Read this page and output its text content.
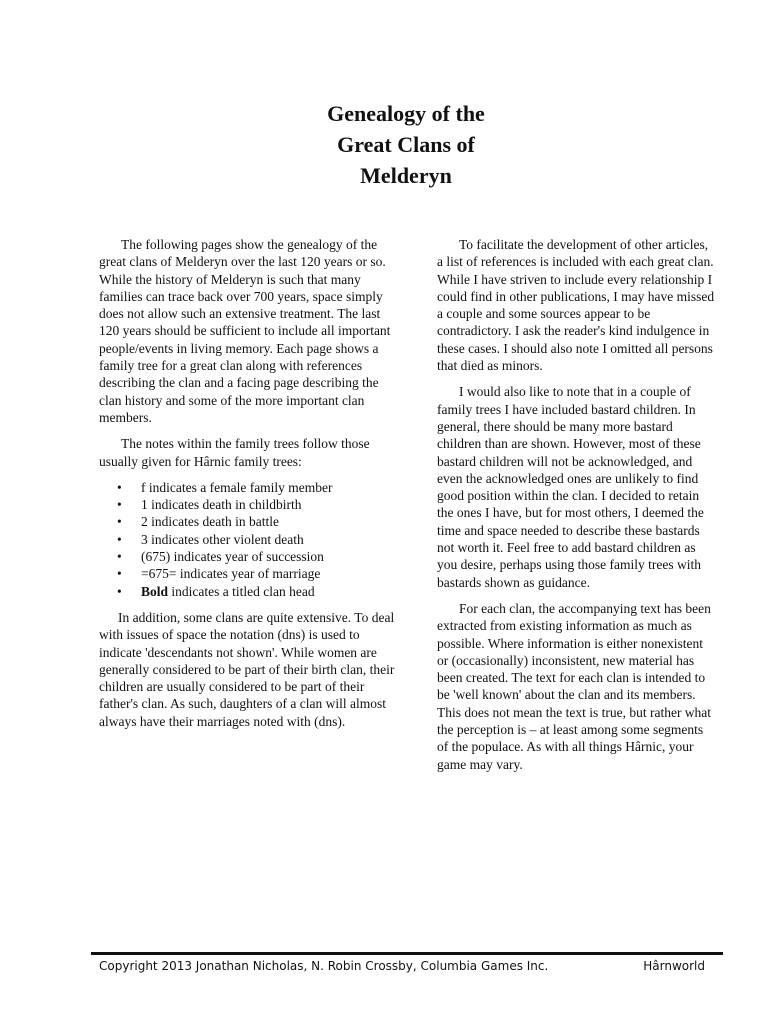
Genealogy of the
Great Clans of
Melderyn

The following pages show the genealogy of the great clans of Melderyn over the last 120 years or so. While the history of Melderyn is such that many families can trace back over 700 years, space simply does not allow such an extensive treatment. The last 120 years should be sufficient to include all important people/events in living memory. Each page shows a family tree for a great clan along with references describing the clan and a facing page describing the clan history and some of the more important clan members.

The notes within the family trees follow those usually given for Hârnic family trees:

• f indicates a female family member
• 1 indicates death in childbirth
• 2 indicates death in battle
• 3 indicates other violent death
• (675) indicates year of succession
• =675= indicates year of marriage
• Bold indicates a titled clan head

In addition, some clans are quite extensive. To deal with issues of space the notation (dns) is used to indicate 'descendants not shown'. While women are generally considered to be part of their birth clan, their children are usually considered to be part of their father's clan. As such, daughters of a clan will almost always have their marriages noted with (dns).

To facilitate the development of other articles, a list of references is included with each great clan. While I have striven to include every relationship I could find in other publications, I may have missed a couple and some sources appear to be contradictory. I ask the reader's kind indulgence in these cases. I should also note I omitted all persons that died as minors.

I would also like to note that in a couple of family trees I have included bastard children. In general, there should be many more bastard children than are shown. However, most of these bastard children will not be acknowledged, and even the acknowledged ones are unlikely to find good position within the clan. I decided to retain the ones I have, but for most others, I deemed the time and space needed to describe these bastards not worth it. Feel free to add bastard children as you desire, perhaps using those family trees with bastards shown as guidance.

For each clan, the accompanying text has been extracted from existing information as much as possible. Where information is either nonexistent or (occasionally) inconsistent, new material has been created. The text for each clan is intended to be 'well known' about the clan and its members. This does not mean the text is true, but rather what the perception is – at least among some segments of the populace. As with all things Hârnic, your game may vary.

Copyright 2013 Jonathan Nicholas, N. Robin Crossby, Columbia Games Inc.	Hârnworld
